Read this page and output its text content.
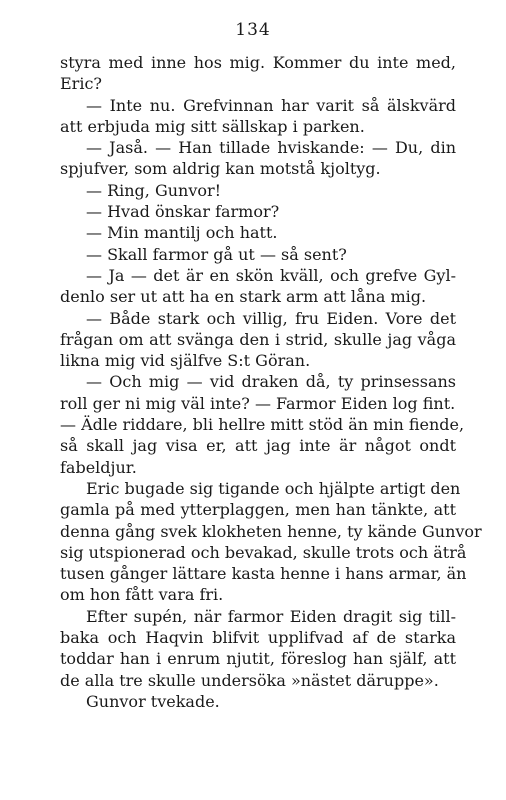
134
styra med inne hos mig. Kommer du inte med,
Eric?
— Inte nu. Grefvinnan har varit så älskvärd
att erbjuda mig sitt sällskap i parken.
— Jaså. — Han tillade hviskande: — Du, din
spjufver, som aldrig kan motstå kjoltyg.
— Ring, Gunvor!
— Hvad önskar farmor?
— Min mantilj och hatt.
— Skall farmor gå ut — så sent?
— Ja — det är en skön kväll, och grefve Gyl-
denlo ser ut att ha en stark arm att låna mig.
— Både stark och villig, fru Eiden. Vore det
frågan om att svänga den i strid, skulle jag våga
likna mig vid själfve S:t Göran.
— Och mig — vid draken då, ty prinsessans
roll ger ni mig väl inte? — Farmor Eiden log fint.
— Ädle riddare, bli hellre mitt stöd än min fiende,
så skall jag visa er, att jag inte är något ondt
fabeldjur.
Eric bugade sig tigande och hjälpte artigt den
gamla på med ytterplaggen, men han tänkte, att
denna gång svek klokheten henne, ty kände Gunvor
sig utspionerad och bevakad, skulle trots och ätrå
tusen gånger lättare kasta henne i hans armar, än
om hon fått vara fri.
Efter supén, när farmor Eiden dragit sig till-
baka och Haqvin blifvit upplifvad af de starka
toddar han i enrum njutit, föreslog han själf, att
de alla tre skulle undersöka »nästet däruppe».
Gunvor tvekade.
